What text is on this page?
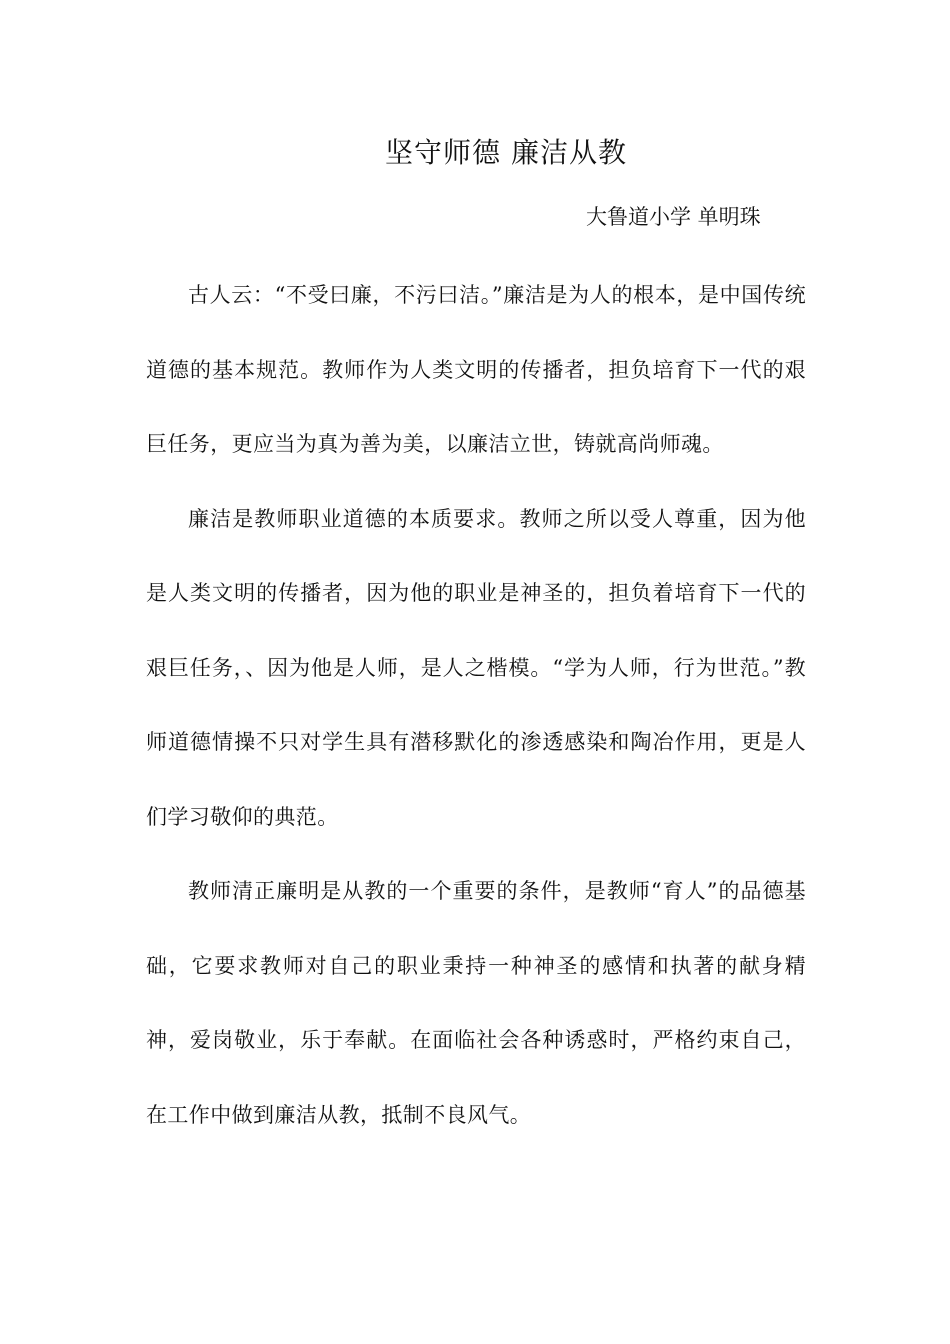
坚守师德 廉洁从教
大鲁道小学 单明珠

古人云：“不受曰廉，不污曰洁。”廉洁是为人的根本，是中国传统道德的基本规范。教师作为人类文明的传播者，担负培育下一代的艰巨任务，更应当为真为善为美，以廉洁立世，铸就高尚师魂。

廉洁是教师职业道德的本质要求。教师之所以受人尊重，因为他是人类文明的传播者，因为他的职业是神圣的，担负着培育下一代的艰巨任务，、因为他是人师，是人之楷模。“学为人师，行为世范。”教师道德情操不只对学生具有潜移默化的渗透感染和陶冶作用，更是人们学习敬仰的典范。

教师清正廉明是从教的一个重要的条件，是教师“育人”的品德基础，它要求教师对自己的职业秉持一种神圣的感情和执著的献身精神，爱岗敬业，乐于奉献。在面临社会各种诱惑时，严格约束自己，在工作中做到廉洁从教，抵制不良风气。
